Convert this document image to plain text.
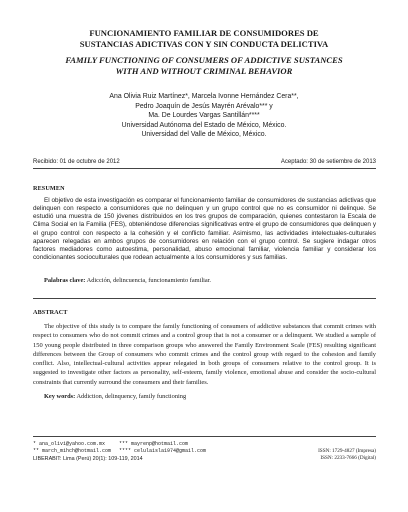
FUNCIONAMIENTO FAMILIAR DE CONSUMIDORES DE
SUSTANCIAS ADICTIVAS CON Y SIN CONDUCTA DELICTIVA
FAMILY FUNCTIONING OF CONSUMERS OF ADDICTIVE SUSTANCES
WITH AND WITHOUT CRIMINAL BEHAVIOR
Ana Olivia Ruiz Martínez*, Marcela Ivonne Hernández Cera**,
Pedro Joaquín de Jesús Mayrén Arévalo*** y
Ma. De Lourdes Vargas Santillán****
Universidad Autónoma del Estado de México, México.
Universidad del Valle de México, México.
Recibido: 01 de octubre de 2012	Aceptado: 30 de setiembre de 2013
RESUMEN
El objetivo de esta investigación es comparar el funcionamiento familiar de consumidores de sustancias adictivas que delinquen con respecto a consumidores que no delinquen y un grupo control que no es consumidor ni delinque. Se estudió una muestra de 150 jóvenes distribuidos en los tres grupos de comparación, quienes contestaron la Escala de Clima Social en la Familia (FES), obteniéndose diferencias significativas entre el grupo de consumidores que delinquen y el grupo control con respecto a la cohesión y el conflicto familiar. Asimismo, las actividades intelectuales-culturales aparecen relegadas en ambos grupos de consumidores en relación con el grupo control. Se sugiere indagar otros factores mediadores como autoestima, personalidad, abuso emocional familiar, violencia familiar y considerar los condicionantes socioculturales que rodean actualmente a los consumidores y sus familias.
Palabras clave: Adicción, delincuencia, funcionamiento familiar.
ABSTRACT
The objective of this study is to compare the family functioning of consumers of addictive substances that commit crimes with respect to consumers who do not commit crimes and a control group that is not a consumer or a delinquent. We studied a sample of 150 young people distributed in three comparison groups who answered the Family Environment Scale (FES) resulting significant differences between the Group of consumers who commit crimes and the control group with regard to the cohesion and family conflict. Also, intellectual-cultural activities appear relegated in both groups of consumers relative to the control group. It is suggested to investigate other factors as personality, self-esteem, family violence, emotional abuse and consider the socio-cultural constraints that currently surround the consumers and their families.
Key words: Addiction, delinquency, family functioning
* ana_olivi@yahoo.com.mx	*** mayrenp@hotmail.com
** march_mihch@hotmail.com	**** celulaisla1974@gmail.com
LIBERABIT: Lima (Perú) 20(1): 109-119, 2014
ISSN: 1729-4827 (Impresa)
ISSN: 2233-7666 (Digital)
